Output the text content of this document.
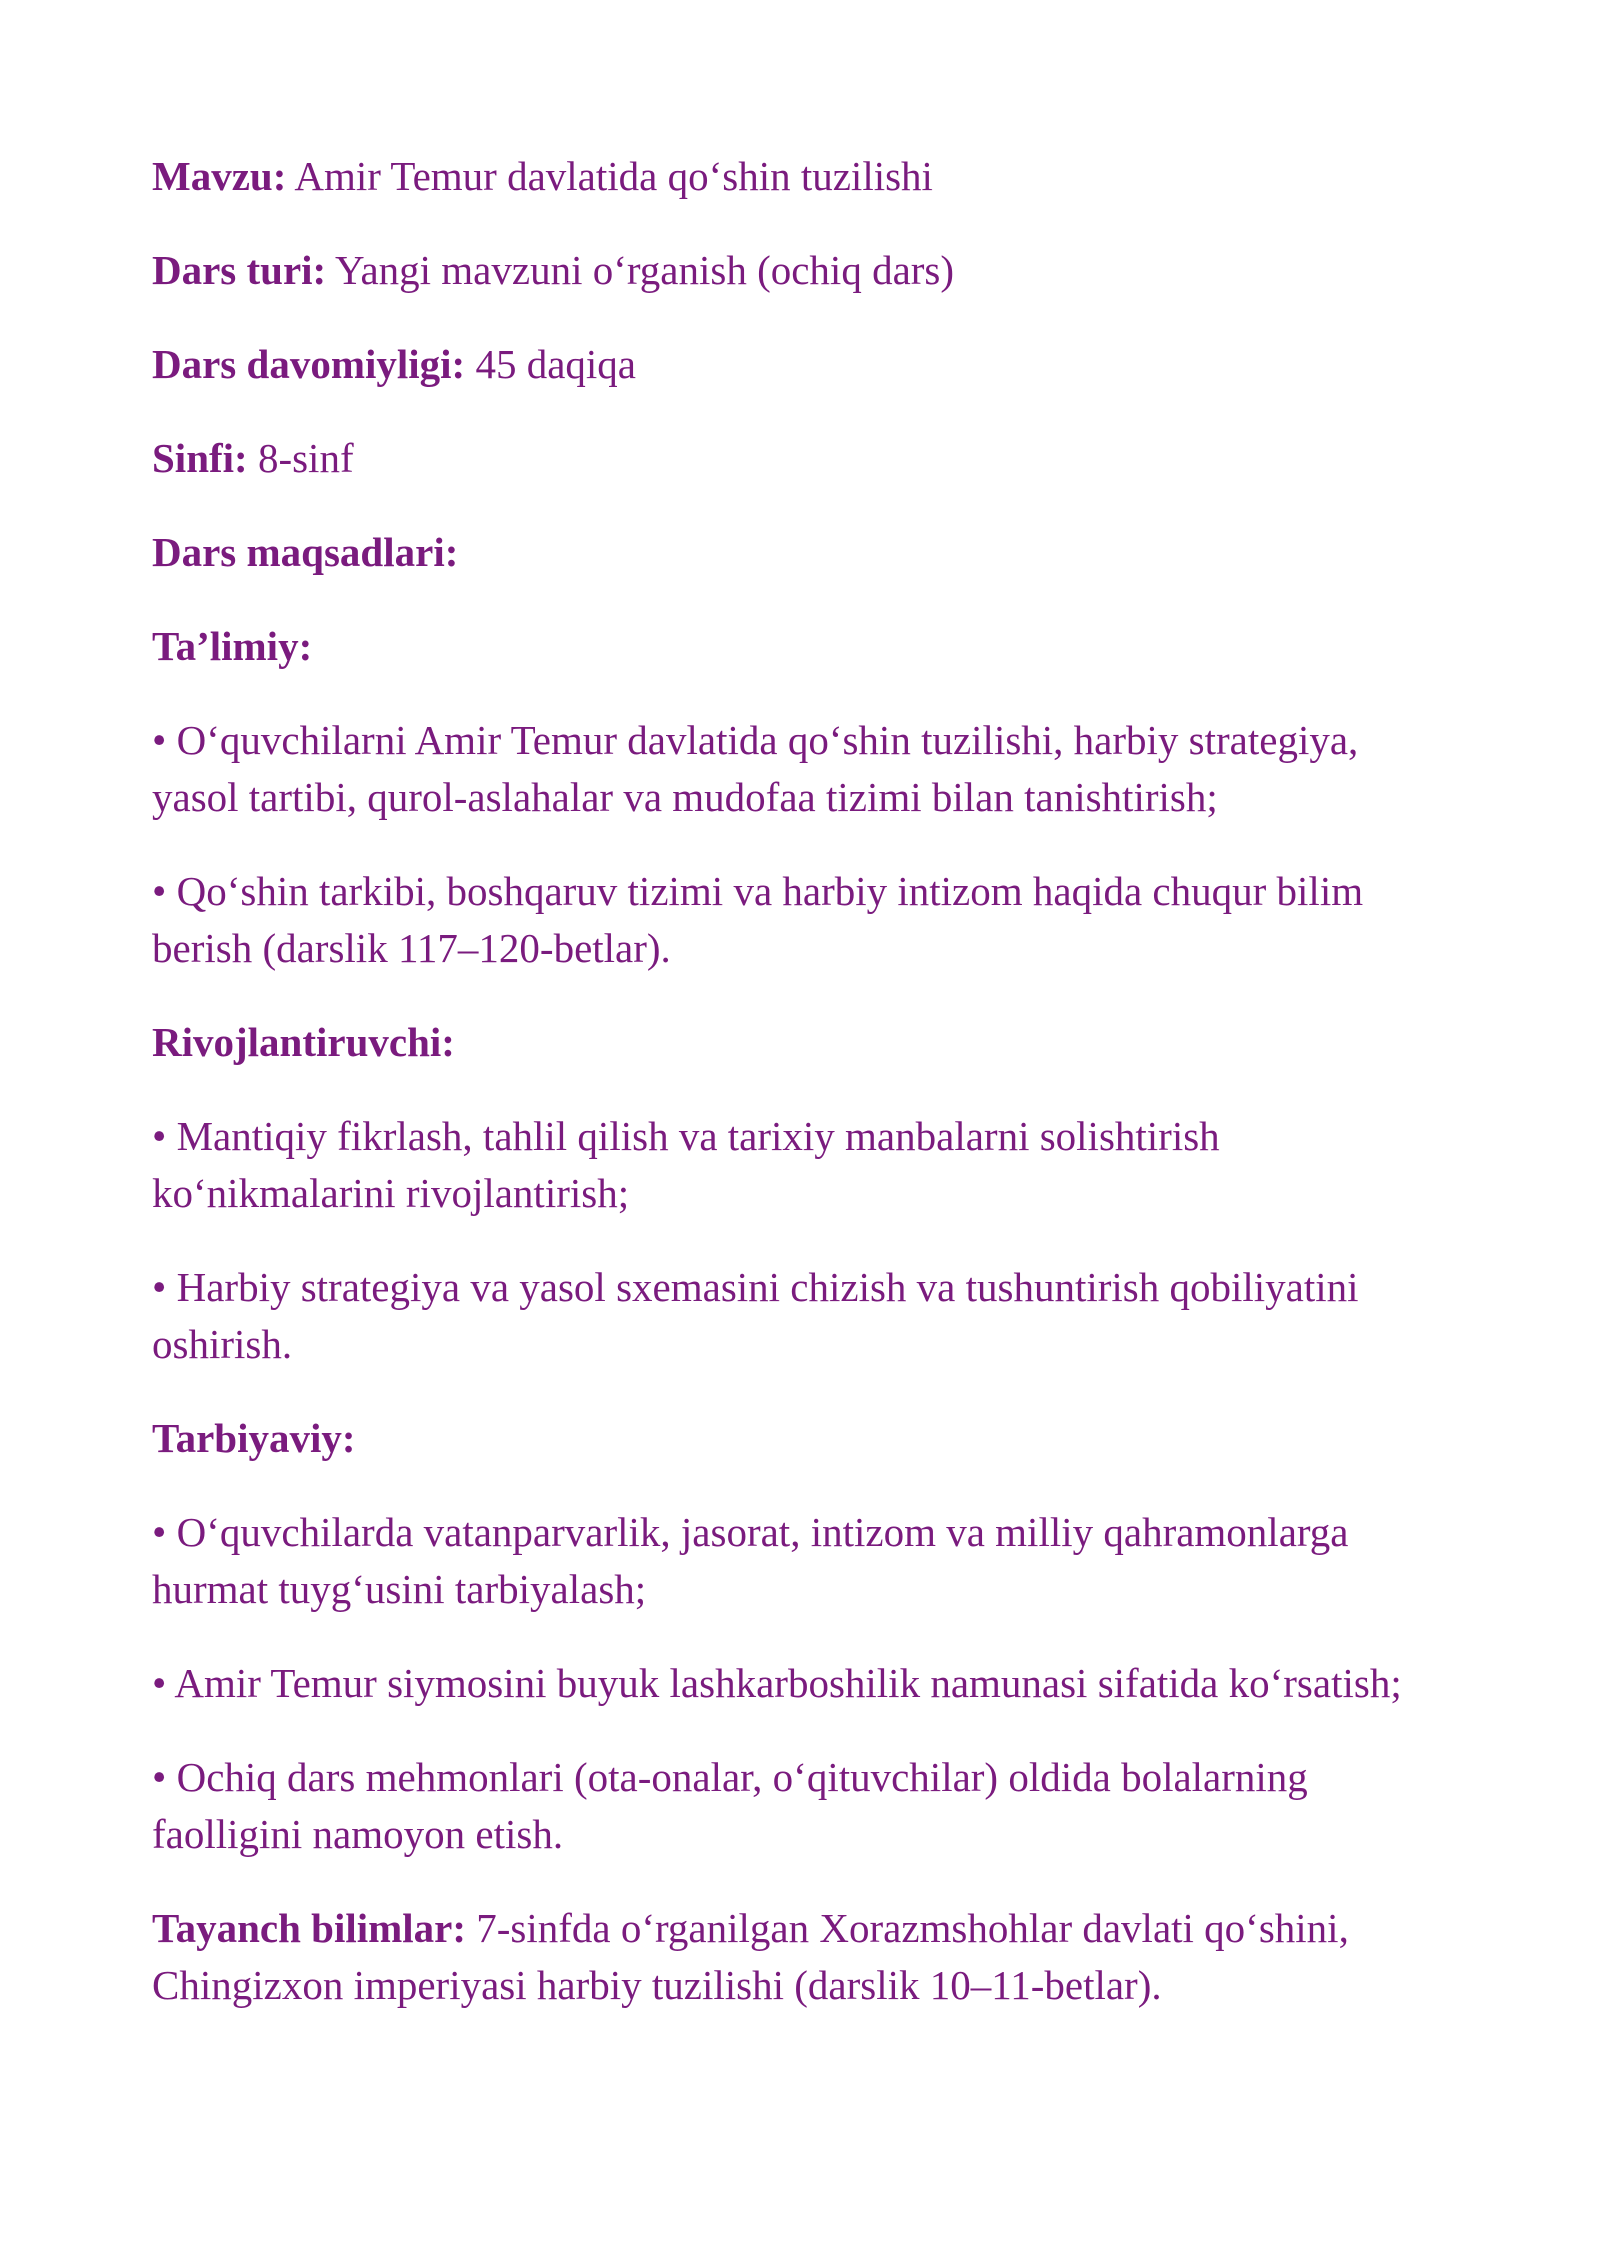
Mavzu: Amir Temur davlatida qo‘shin tuzilishi

Dars turi: Yangi mavzuni o‘rganish (ochiq dars)

Dars davomiyligi: 45 daqiqa

Sinfi: 8-sinf

Dars maqsadlari:

Ta’limiy:

• O‘quvchilarni Amir Temur davlatida qo‘shin tuzilishi, harbiy strategiya, yasol tartibi, qurol-aslahalar va mudofaa tizimi bilan tanishtirish;

• Qo‘shin tarkibi, boshqaruv tizimi va harbiy intizom haqida chuqur bilim berish (darslik 117–120-betlar).

Rivojlantiruvchi:

• Mantiqiy fikrlash, tahlil qilish va tarixiy manbalarni solishtirish ko‘nikmalarini rivojlantirish;

• Harbiy strategiya va yasol sxemasini chizish va tushuntirish qobiliyatini oshirish.

Tarbiyaviy:

• O‘quvchilarda vatanparvarlik, jasorat, intizom va milliy qahramonlarga hurmat tuyg‘usini tarbiyalash;

• Amir Temur siymosini buyuk lashkarboshilik namunasi sifatida ko‘rsatish;

• Ochiq dars mehmonlari (ota-onalar, o‘qituvchilar) oldida bolalarning faolligini namoyon etish.

Tayanch bilimlar: 7-sinfda o‘rganilgan Xorazmshohlar davlati qo‘shini, Chingizxon imperiyasi harbiy tuzilishi (darslik 10–11-betlar).
